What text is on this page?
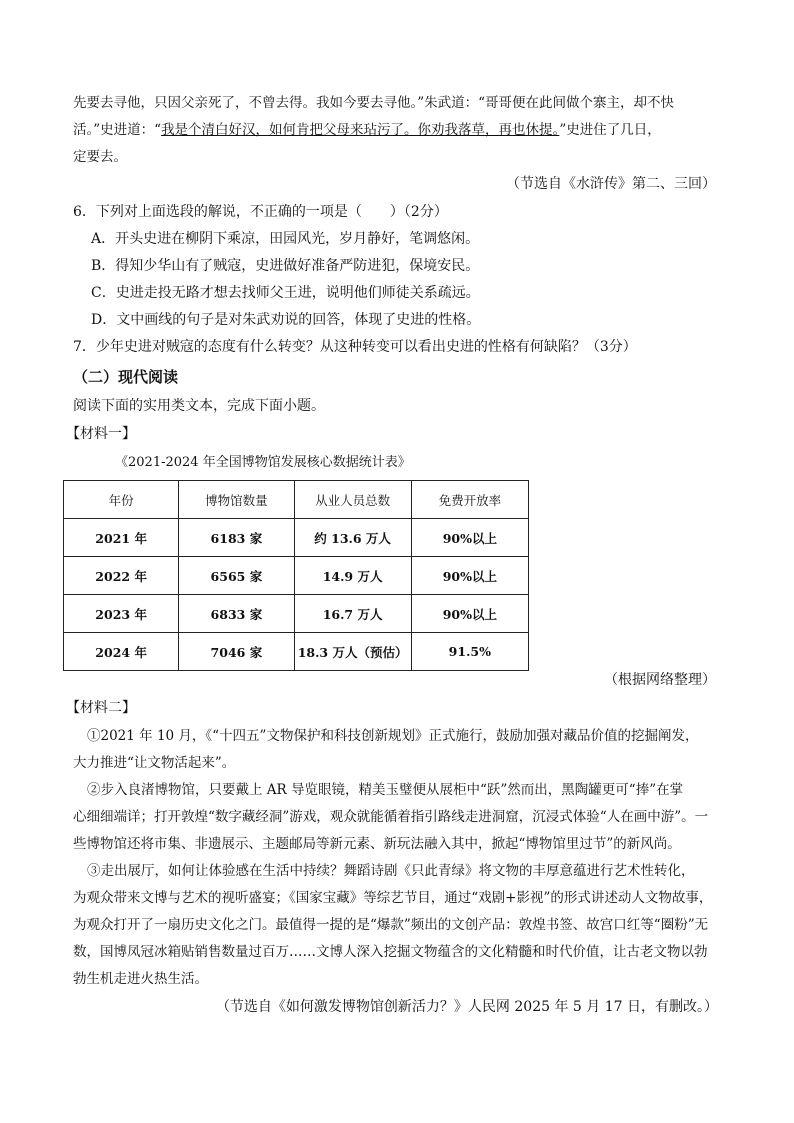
先要去寻他，只因父亲死了，不曾去得。我如今要去寻他。”朱武道：“哥哥便在此间做个寨主，却不快

活。”史进道：“我是个清白好汉，如何肯把父母来玷污了。你劝我落草，再也休提。”史进住了几日，

定要去。

（节选自《水浒传》第二、三回）

6．下列对上面选段的解说，不正确的一项是（　　）（2分）

A．开头史进在柳阴下乘凉，田园风光，岁月静好，笔调悠闲。

B．得知少华山有了贼寇，史进做好准备严防进犯，保境安民。

C．史进走投无路才想去找师父王进，说明他们师徒关系疏远。

D．文中画线的句子是对朱武劝说的回答，体现了史进的性格。

7．少年史进对贼寇的态度有什么转变？从这种转变可以看出史进的性格有何缺陷？（3分）

（二）现代阅读

阅读下面的实用类文本，完成下面小题。

【材料一】

《2021-2024 年全国博物馆发展核心数据统计表》

年份	博物馆数量	从业人员总数	免费开放率
2021 年	6183 家	约 13.6 万人	90%以上
2022 年	6565 家	14.9 万人	90%以上
2023 年	6833 家	16.7 万人	90%以上
2024 年	7046 家	18.3 万人（预估）	91.5%

（根据网络整理）

【材料二】

①2021 年 10 月，《“十四五”文物保护和科技创新规划》正式施行，鼓励加强对藏品价值的挖掘阐发，

大力推进“让文物活起来”。

②步入良渚博物馆，只要戴上 AR 导览眼镜，精美玉璧便从展柜中“跃”然而出，黑陶罐更可“捧”在掌

心细细端详；打开敦煌“数字藏经洞”游戏，观众就能循着指引路线走进洞窟，沉浸式体验“人在画中游”。一

些博物馆还将市集、非遗展示、主题邮局等新元素、新玩法融入其中，掀起“博物馆里过节”的新风尚。

③走出展厅，如何让体验感在生活中持续？舞蹈诗剧《只此青绿》将文物的丰厚意蕴进行艺术性转化，

为观众带来文博与艺术的视听盛宴；《国家宝藏》等综艺节目，通过“戏剧+影视”的形式讲述动人文物故事，

为观众打开了一扇历史文化之门。最值得一提的是“爆款”频出的文创产品：敦煌书签、故宫口红等“圈粉”无

数，国博凤冠冰箱贴销售数量过百万……文博人深入挖掘文物蕴含的文化精髓和时代价值，让古老文物以勃

勃生机走进火热生活。

（节选自《如何激发博物馆创新活力？》人民网 2025 年 5 月 17 日，有删改。）
